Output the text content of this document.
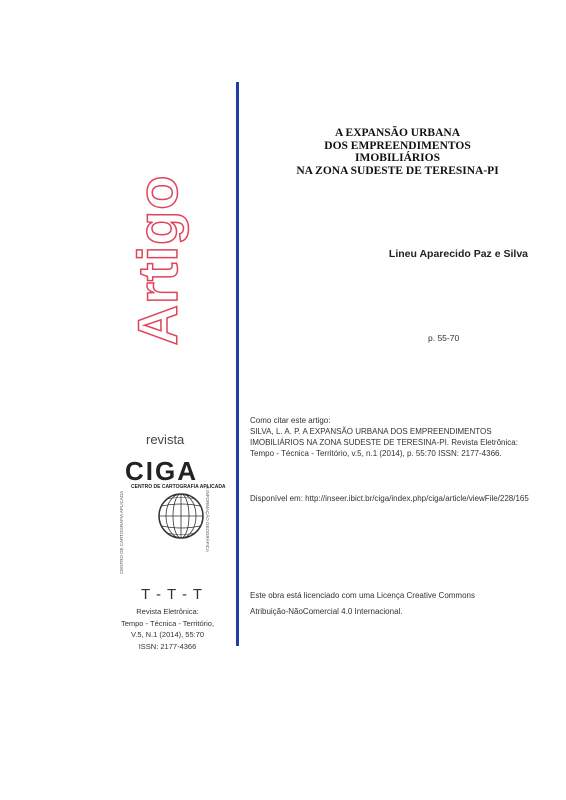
Artigo
A EXPANSÃO URBANA
DOS EMPREENDIMENTOS
IMOBILIÁRIOS
NA ZONA SUDESTE DE TERESINA-PI
Lineu Aparecido Paz e Silva
p. 55-70
Como citar este artigo:
SILVA, L. A. P. A EXPANSÃO URBANA DOS EMPREENDIMENTOS
IMOBILIÁRIOS NA ZONA SUDESTE DE TERESINA-PI. Revista Eletrônica:
Tempo - Técnica - Território, v.5, n.1 (2014), p. 55:70 ISSN: 2177-4366.
Disponível em: http://inseer.ibict.br/ciga/index.php/ciga/article/viewFile/228/165
Este obra está licenciado com uma Licença Creative Commons
Atribuição-NãoComercial 4.0 Internacional.
revista
CIGA
CENTRO DE CARTOGRAFIA APLICADA
CENTRO DE CARTOGRAFIA APLICADA	E INFORMAÇÃO GEOGRÁFICA
T - T - T
Revista Eletrônica:
Tempo - Técnica - Território,
V.5, N.1 (2014), 55:70
ISSN: 2177-4366
